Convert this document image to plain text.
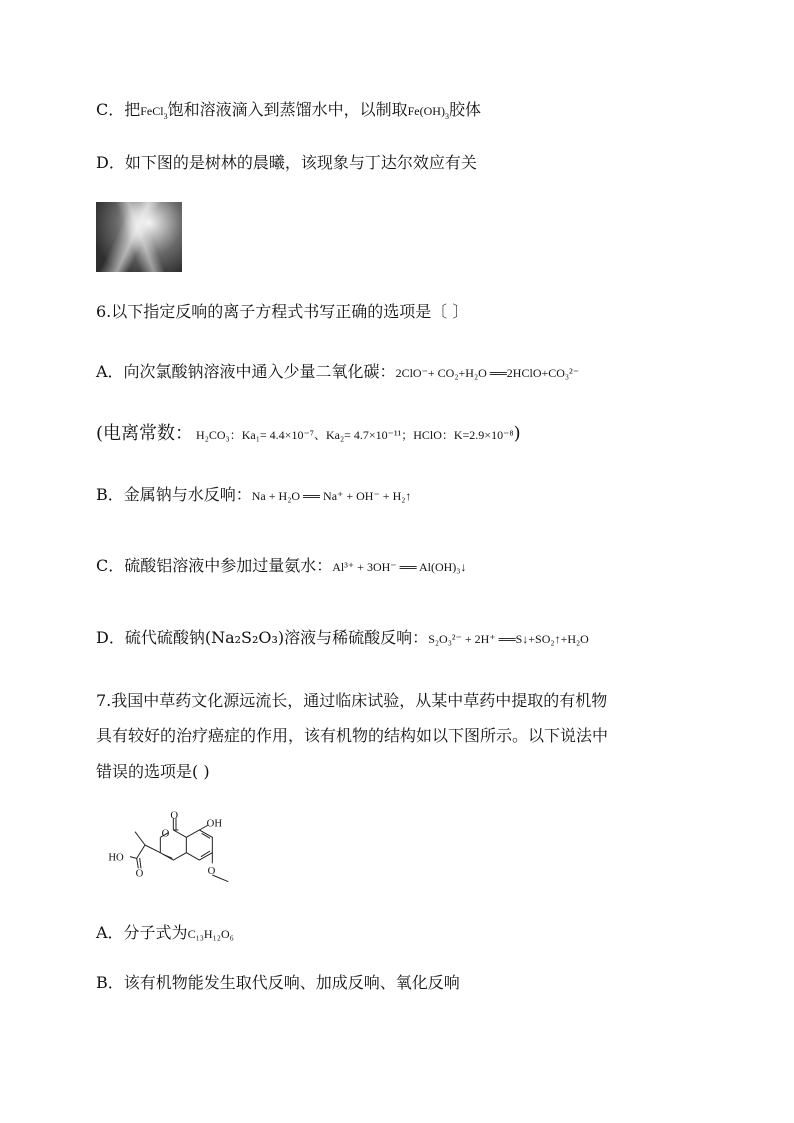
C．把FeCl$_3$饱和溶液滴入到蒸馏水中，以制取$Fe(OH)_3$胶体
D．如下图的是树林的晨曦，该现象与丁达尔效应有关
6.以下指定反响的离子方程式书写正确的选项是〔 〕
A．向次氯酸钠溶液中通入少量二氧化碳：2ClO⁻+ CO₂+H₂O ══2HClO+CO₃²⁻
(电离常数： H₂CO₃：Ka₁= 4.4×10⁻⁷、Ka₂= 4.7×10⁻¹¹；HClO：K=2.9×10⁻⁸)
B．金属钠与水反响：Na + H₂O ══ Na⁺ + OH⁻ + H₂↑
C．硫酸铝溶液中参加过量氨水：Al³⁺ + 3OH⁻ ══ Al(OH)₃↓
D．硫代硫酸钠(Na₂S₂O₃)溶液与稀硫酸反响：S₂O₃²⁻ + 2H⁺ ══S↓+SO₂↑+H₂O
7.我国中草药文化源远流长，通过临床试验，从某中草药中提取的有机物
具有较好的治疗癌症的作用，该有机物的结构如以下图所示。以下说法中
错误的选项是( )
O
O
OH
O
HO
O
A．分子式为C₁₃H₁₂O₆
B．该有机物能发生取代反响、加成反响、氧化反响
